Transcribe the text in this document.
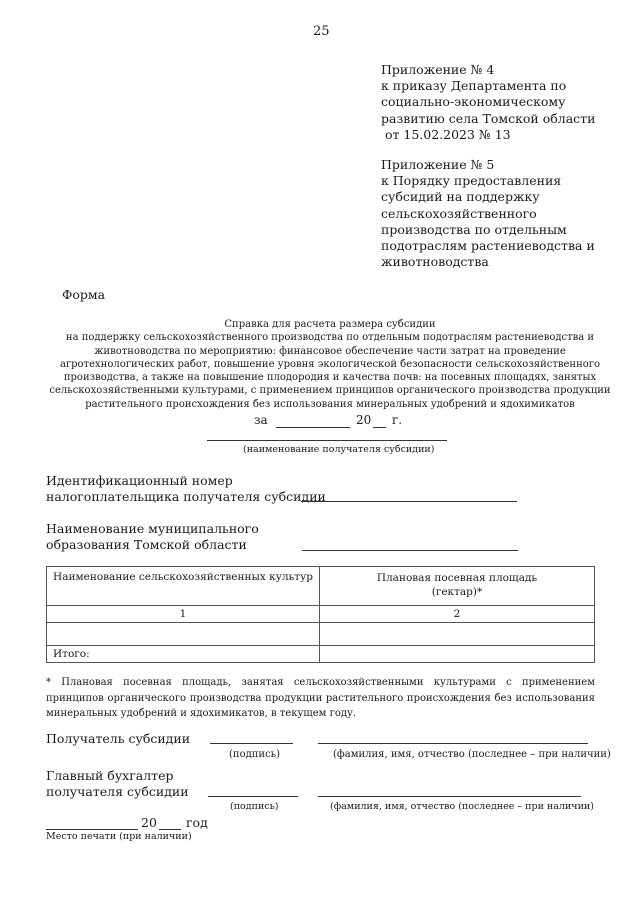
25
Приложение № 4
к приказу Департамента по
социально-экономическому
развитию села Томской области
от 15.02.2023 № 13
Приложение № 5
к Порядку предоставления
субсидий на поддержку
сельскохозяйственного
производства по отдельным
подотраслям растениеводства и
животноводства
Форма
Справка для расчета размера субсидии
на поддержку сельскохозяйственного производства по отдельным подотраслям растениеводства и
животноводства по мероприятию: финансовое обеспечение части затрат на проведение
агротехнологических работ, повышение уровня экологической безопасности сельскохозяйственного
производства, а также на повышение плодородия и качества почв: на посевных площадях, занятых
сельскохозяйственными культурами, с применением принципов органического производства продукции
растительного происхождения без использования минеральных удобрений и ядохимикатов
за	20 г.
(наименование получателя субсидии)
Идентификационный номер
налогоплательщика получателя субсидии
Наименование муниципального
образования Томской области
Наименование сельскохозяйственных культур	Плановая посевная площадь
(гектар)*

1	2

Итого:	
* Плановая посевная площадь, занятая сельскохозяйственными культурами с применением принципов органического производства продукции растительного происхождения без использования минеральных удобрений и ядохимикатов, в текущем году.
Получатель субсидии
(подпись)	(фамилия, имя, отчество (последнее – при наличии)
Главный бухгалтер
получателя субсидии
(подпись)	(фамилия, имя, отчество (последнее – при наличии)
20 год
Место печати (при наличии)
